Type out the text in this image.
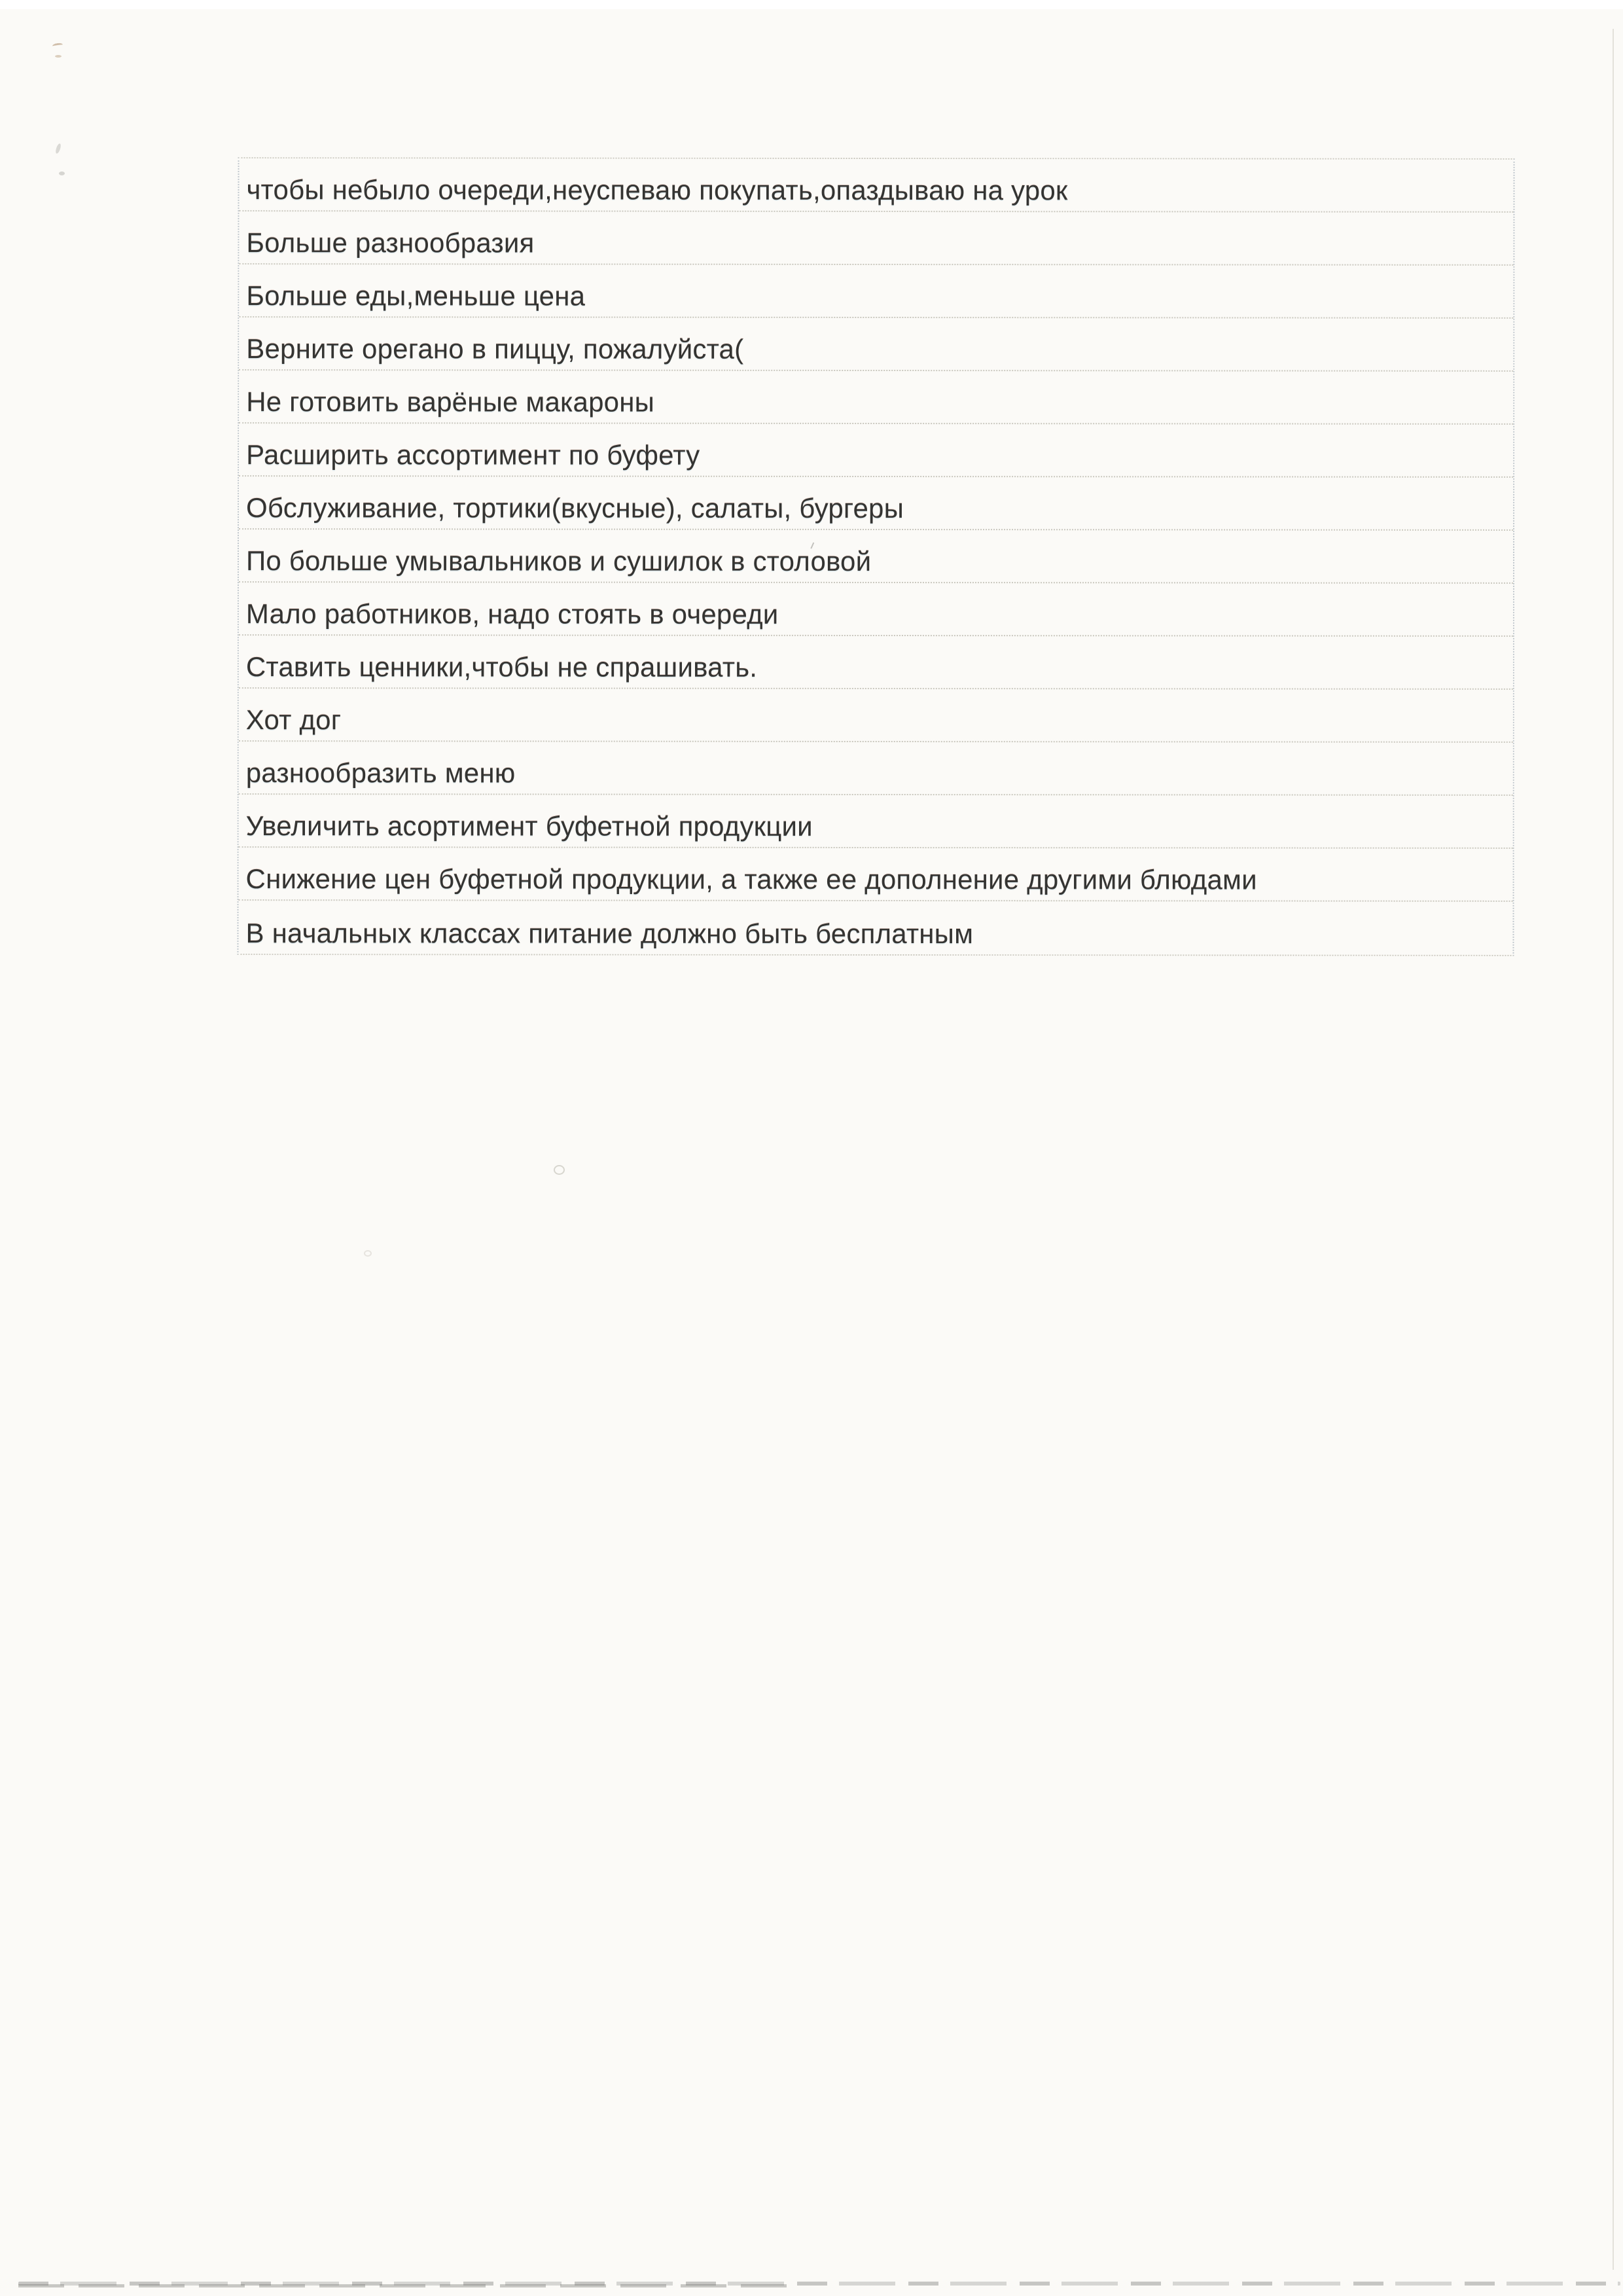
чтобы небыло очереди,неуспеваю покупать,опаздываю на урок
Больше разнообразия
Больше еды,меньше цена
Верните орегано в пиццу, пожалуйста(
Не готовить варёные макароны
Расширить ассортимент по буфету
Обслуживание, тортики(вкусные), салаты, бургеры
По больше умывальников и сушилок в столовой
Мало работников, надо стоять в очереди
Ставить ценники,чтобы не спрашивать.
Хот дог
разнообразить меню
Увеличить асортимент буфетной продукции
Снижение цен буфетной продукции, а также ее дополнение другими блюдами
В начальных классах питание должно быть бесплатным
